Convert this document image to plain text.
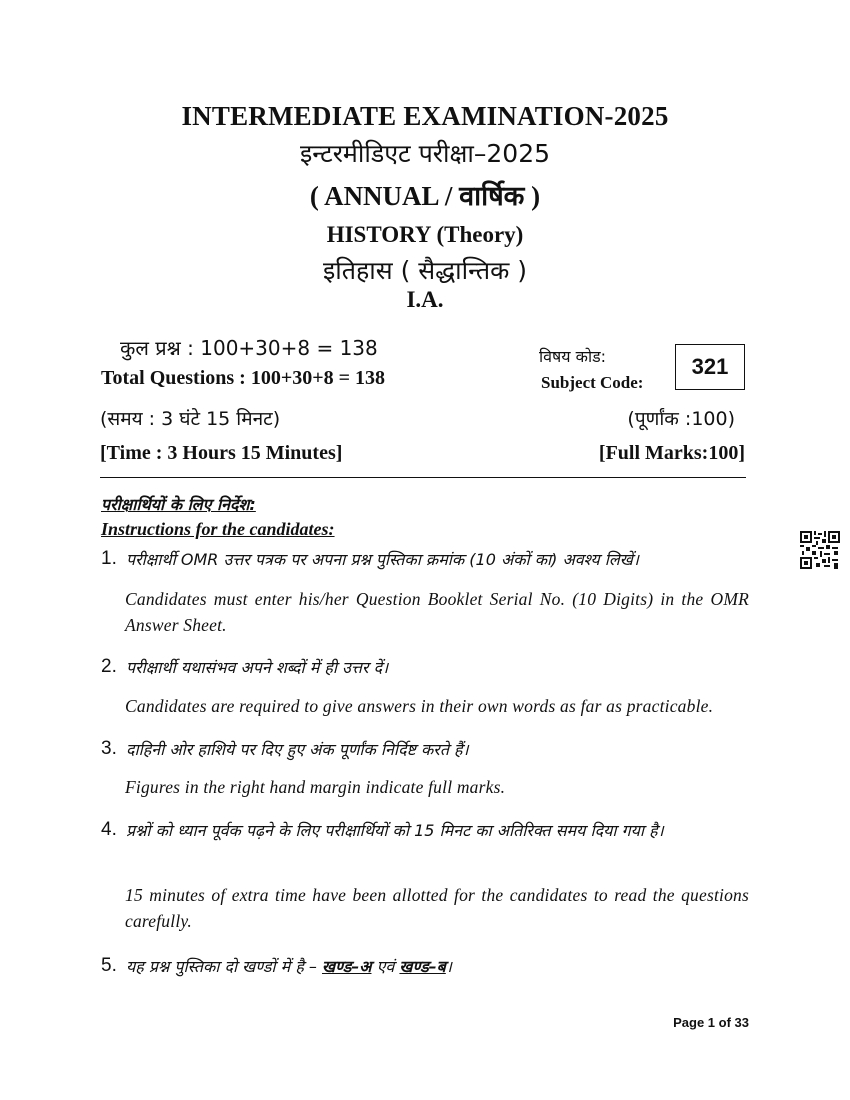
INTERMEDIATE EXAMINATION-2025
इन्टरमीडिएट परीक्षा–2025
( ANNUAL / वार्षिक )
HISTORY (Theory)
इतिहास ( सैद्धान्तिक )
I.A.
कुल प्रश्न : 100+30+8 = 138
Total Questions : 100+30+8 = 138
विषय कोड:
Subject Code:
321
(समय : 3 घंटे 15 मिनट)	(पूर्णांक :100)
[Time : 3 Hours 15 Minutes]	[Full Marks:100]
परीक्षार्थियों के लिए निर्देश:
Instructions for the candidates:
1. परीक्षार्थी OMR उत्तर पत्रक पर अपना प्रश्न पुस्तिका क्रमांक (10 अंकों का) अवश्य लिखें।
Candidates must enter his/her Question Booklet Serial No. (10 Digits) in the OMR Answer Sheet.
2. परीक्षार्थी यथासंभव अपने शब्दों में ही उत्तर दें।
Candidates are required to give answers in their own words as far as practicable.
3. दाहिनी ओर हाशिये पर दिए हुए अंक पूर्णांक निर्दिष्ट करते हैं।
Figures in the right hand margin indicate full marks.
4. प्रश्नों को ध्यान पूर्वक पढ़ने के लिए परीक्षार्थियों को 15 मिनट का अतिरिक्त समय दिया गया है।
15 minutes of extra time have been allotted for the candidates to read the questions carefully.
5. यह प्रश्न पुस्तिका दो खण्डों में है – खण्ड–अ एवं खण्ड–ब।
Page 1 of 33
